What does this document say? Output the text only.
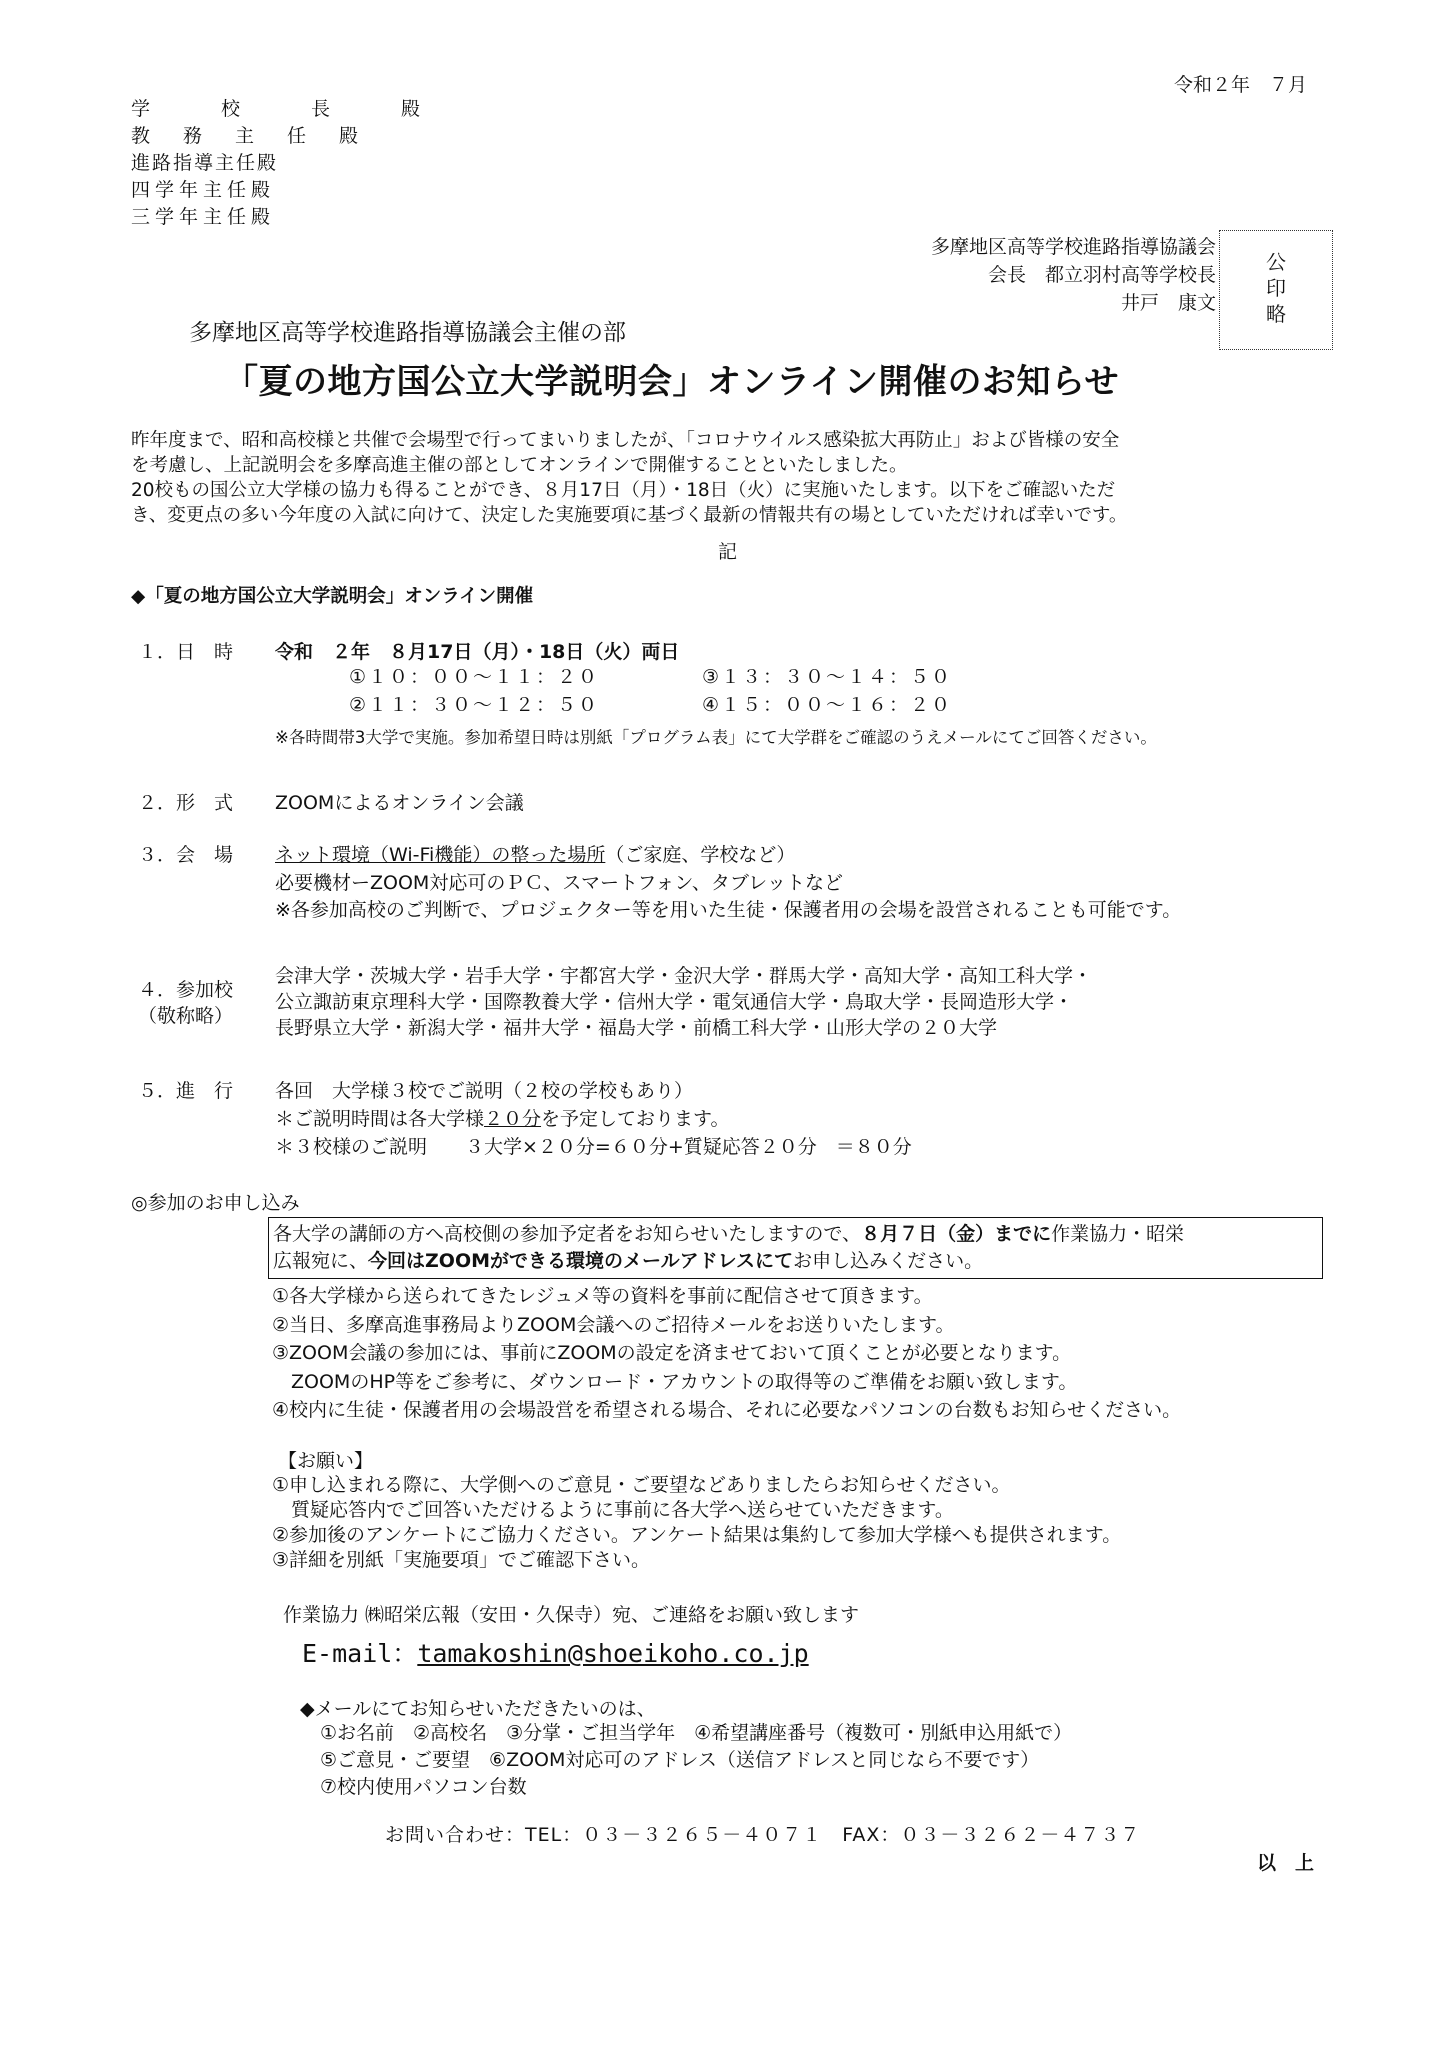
令和２年　７月
学　校　長　殿
教　務　主　任　殿
進路指導主任殿
四学年主任殿
三学年主任殿
多摩地区高等学校進路指導協議会
会長　都立羽村高等学校長
井戸　康文
公
印
略
多摩地区高等学校進路指導協議会主催の部
「夏の地方国公立大学説明会」オンライン開催のお知らせ
昨年度まで、昭和高校様と共催で会場型で行ってまいりましたが、「コロナウイルス感染拡大再防止」および皆様の安全
を考慮し、上記説明会を多摩高進主催の部としてオンラインで開催することといたしました。
20校もの国公立大学様の協力も得ることができ、８月17日（月）・18日（火）に実施いたします。以下をご確認いただ
き、変更点の多い今年度の入試に向けて、決定した実施要項に基づく最新の情報共有の場としていただければ幸いです。
記
◆「夏の地方国公立大学説明会」オンライン開催
１．日　時 令和　２年　８月17日（月）・18日（火）両日
①１０：００～１１：２０
②１１：３０～１２：５０
③１３：３０～１４：５０
④１５：００～１６：２０
※各時間帯3大学で実施。参加希望日時は別紙「プログラム表」にて大学群をご確認のうえメールにてご回答ください。
２．形　式 ZOOMによるオンライン会議
３．会　場 ネット環境（Wi-Fi機能）の整った場所（ご家庭、学校など）
必要機材ーZOOM対応可のＰＣ、スマートフォン、タブレットなど
※各参加高校のご判断で、プロジェクター等を用いた生徒・保護者用の会場を設営されることも可能です。
４．参加校
（敬称略）
会津大学・茨城大学・岩手大学・宇都宮大学・金沢大学・群馬大学・高知大学・高知工科大学・
公立諏訪東京理科大学・国際教養大学・信州大学・電気通信大学・鳥取大学・長岡造形大学・
長野県立大学・新潟大学・福井大学・福島大学・前橋工科大学・山形大学の２０大学
５．進　行 各回　大学様３校でご説明（２校の学校もあり）
＊ご説明時間は各大学様２０分を予定しております。
＊３校様のご説明　　３大学×２０分=６０分+質疑応答２０分　＝８０分
◎参加のお申し込み
各大学の講師の方へ高校側の参加予定者をお知らせいたしますので、８月７日（金）までに作業協力・昭栄
広報宛に、今回はZOOMができる環境のメールアドレスにてお申し込みください。
①各大学様から送られてきたレジュメ等の資料を事前に配信させて頂きます。
②当日、多摩高進事務局よりZOOM会議へのご招待メールをお送りいたします。
③ZOOM会議の参加には、事前にZOOMの設定を済ませておいて頂くことが必要となります。
　ZOOMのHP等をご参考に、ダウンロード・アカウントの取得等のご準備をお願い致します。
④校内に生徒・保護者用の会場設営を希望される場合、それに必要なパソコンの台数もお知らせください。
【お願い】
①申し込まれる際に、大学側へのご意見・ご要望などありましたらお知らせください。
　質疑応答内でご回答いただけるように事前に各大学へ送らせていただきます。
②参加後のアンケートにご協力ください。アンケート結果は集約して参加大学様へも提供されます。
③詳細を別紙「実施要項」でご確認下さい。
作業協力 ㈱昭栄広報（安田・久保寺）宛、ご連絡をお願い致します
E-mail：tamakoshin@shoeikoho.co.jp
◆メールにてお知らせいただきたいのは、
①お名前　②高校名　③分掌・ご担当学年　④希望講座番号（複数可・別紙申込用紙で）
⑤ご意見・ご要望　⑥ZOOM対応可のアドレス（送信アドレスと同じなら不要です）
⑦校内使用パソコン台数
お問い合わせ：TEL：０３－３２６５－４０７１　FAX：０３－３２６２－４７３７
以　上
